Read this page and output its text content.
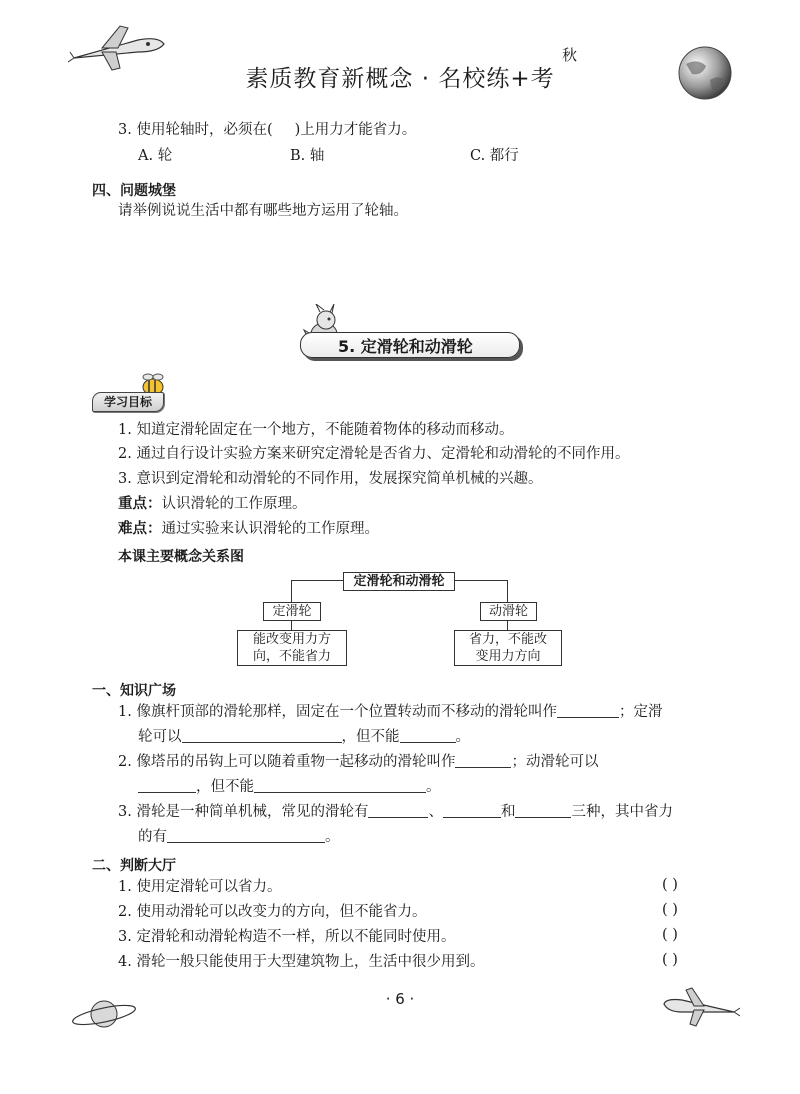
素质教育新概念 · 名校练+考
秋
3. 使用轮轴时，必须在( )上用力才能省力。
A. 轮	B. 轴	C. 都行
四、问题城堡
请举例说说生活中都有哪些地方运用了轮轴。
5. 定滑轮和动滑轮
学习目标
1. 知道定滑轮固定在一个地方，不能随着物体的移动而移动。
2. 通过自行设计实验方案来研究定滑轮是否省力、定滑轮和动滑轮的不同作用。
3. 意识到定滑轮和动滑轮的不同作用，发展探究简单机械的兴趣。
重点：认识滑轮的工作原理。
难点：通过实验来认识滑轮的工作原理。
本课主要概念关系图
定滑轮和动滑轮
定滑轮	动滑轮
能改变用力方
向，不能省力
省力，不能改
变用力方向
一、知识广场
1. 像旗杆顶部的滑轮那样，固定在一个位置转动而不移动的滑轮叫作	；定滑
轮可以	，但不能	。
2. 像塔吊的吊钩上可以随着重物一起移动的滑轮叫作	；动滑轮可以
，但不能	。
3. 滑轮是一种简单机械，常见的滑轮有	、	和	三种，其中省力
的有	。
二、判断大厅
1. 使用定滑轮可以省力。	( )
2. 使用动滑轮可以改变力的方向，但不能省力。	( )
3. 定滑轮和动滑轮构造不一样，所以不能同时使用。	( )
4. 滑轮一般只能使用于大型建筑物上，生活中很少用到。	( )
· 6 ·
